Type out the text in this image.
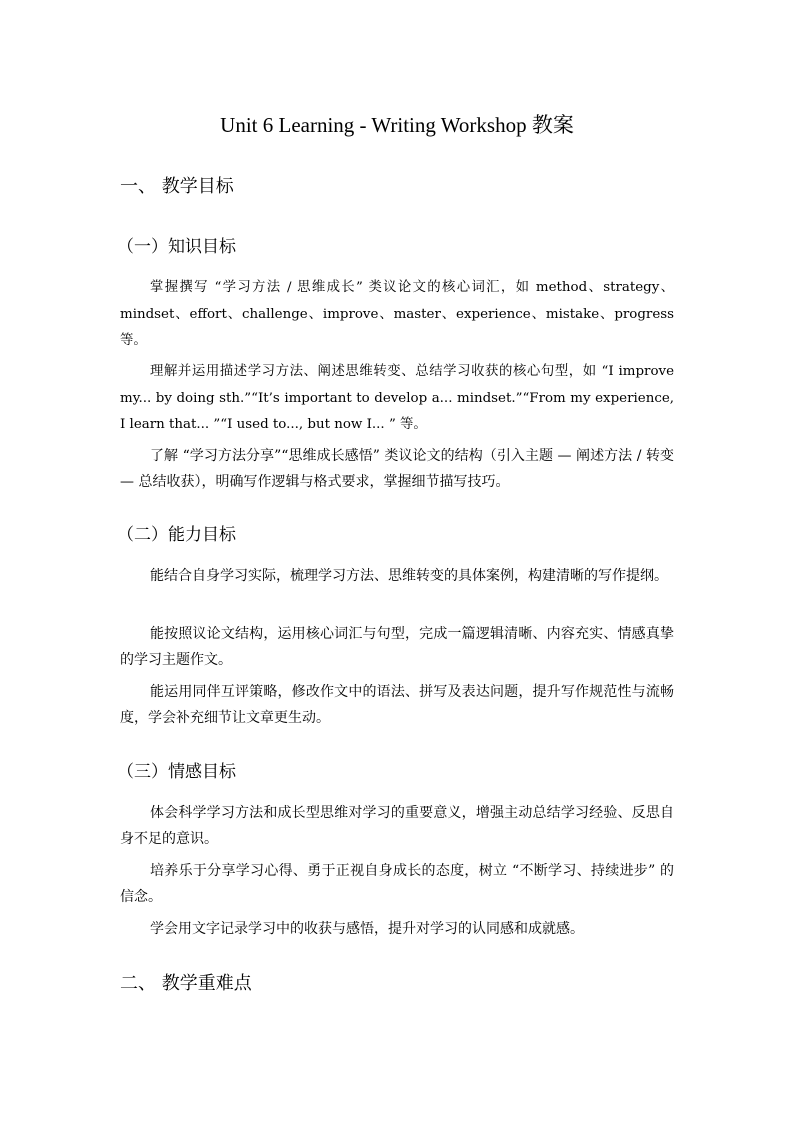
Unit 6 Learning - Writing Workshop 教案
一、 教学目标
（一）知识目标

掌握撰写 “学习方法 / 思维成长” 类议论文的核心词汇，如 method、strategy、mindset、effort、challenge、improve、master、experience、mistake、progress 等。

理解并运用描述学习方法、阐述思维转变、总结学习收获的核心句型，如 “I improve my... by doing sth.”“It’s important to develop a... mindset.”“From my experience, I learn that... ”“I used to..., but now I... ” 等。

了解 “学习方法分享”“思维成长感悟” 类议论文的结构（引入主题 — 阐述方法 / 转变 — 总结收获），明确写作逻辑与格式要求，掌握细节描写技巧。

（二）能力目标

能结合自身学习实际，梳理学习方法、思维转变的具体案例，构建清晰的写作提纲。

能按照议论文结构，运用核心词汇与句型，完成一篇逻辑清晰、内容充实、情感真挚的学习主题作文。

能运用同伴互评策略，修改作文中的语法、拼写及表达问题，提升写作规范性与流畅度，学会补充细节让文章更生动。

（三）情感目标

体会科学学习方法和成长型思维对学习的重要意义，增强主动总结学习经验、反思自身不足的意识。

培养乐于分享学习心得、勇于正视自身成长的态度，树立 “不断学习、持续进步” 的信念。

学会用文字记录学习中的收获与感悟，提升对学习的认同感和成就感。

二、 教学重难点
